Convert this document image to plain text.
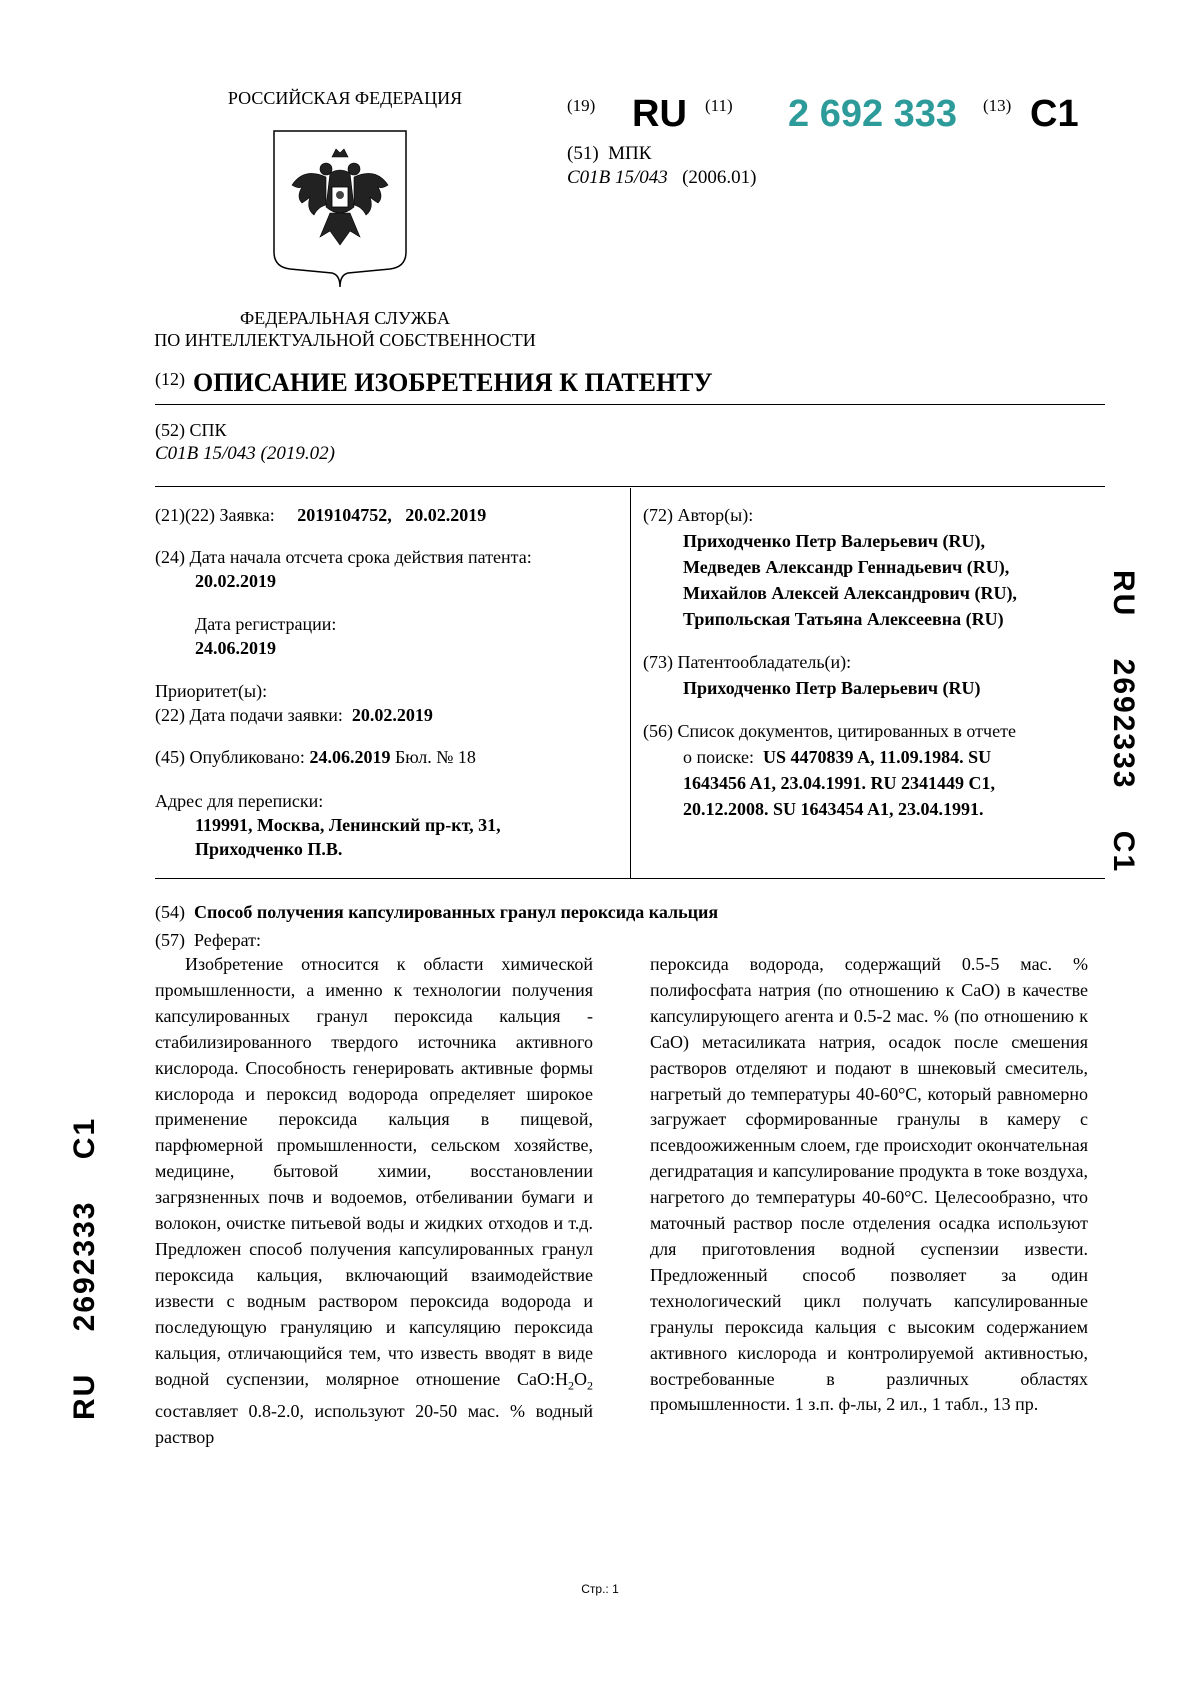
РОССИЙСКАЯ ФЕДЕРАЦИЯ
ФЕДЕРАЛЬНАЯ СЛУЖБА
ПО ИНТЕЛЛЕКТУАЛЬНОЙ СОБСТВЕННОСТИ
(19) RU (11) 2 692 333 (13) C1
(51) МПК
C01B 15/043 (2006.01)
$^{(12)}$ ОПИСАНИЕ ИЗОБРЕТЕНИЯ К ПАТЕНТУ
(52) СПК
C01B 15/043 (2019.02)
(21)(22) Заявка: 2019104752, 20.02.2019
(24) Дата начала отсчета срока действия патента:
20.02.2019
Дата регистрации:
24.06.2019
Приоритет(ы):
(22) Дата подачи заявки: 20.02.2019
(45) Опубликовано: 24.06.2019 Бюл. № 18
Адрес для переписки:
119991, Москва, Ленинский пр-кт, 31,
Приходченко П.В.
(72) Автор(ы):
Приходченко Петр Валерьевич (RU),
Медведев Александр Геннадьевич (RU),
Михайлов Алексей Александрович (RU),
Трипольская Татьяна Алексеевна (RU)
(73) Патентообладатель(и):
Приходченко Петр Валерьевич (RU)
(56) Список документов, цитированных в отчете
о поиске: US 4470839 A, 11.09.1984. SU
1643456 A1, 23.04.1991. RU 2341449 C1,
20.12.2008. SU 1643454 A1, 23.04.1991.
(54) Способ получения капсулированных гранул пероксида кальция
(57) Реферат:
Изобретение относится к области химической промышленности, а именно к технологии получения капсулированных гранул пероксида кальция - стабилизированного твердого источника активного кислорода. Способность генерировать активные формы кислорода и пероксид водорода определяет широкое применение пероксида кальция в пищевой, парфюмерной промышленности, сельском хозяйстве, медицине, бытовой химии, восстановлении загрязненных почв и водоемов, отбеливании бумаги и волокон, очистке питьевой воды и жидких отходов и т.д. Предложен способ получения капсулированных гранул пероксида кальция, включающий взаимодействие извести с водным раствором пероксида водорода и последующую грануляцию и капсуляцию пероксида кальция, отличающийся тем, что известь вводят в виде водной суспензии, молярное отношение $CaO:H_2O_2$ составляет 0.8-2.0, используют 20-50 мас. % водный раствор
пероксида водорода, содержащий 0.5-5 мас. % полифосфата натрия (по отношению к CaO) в качестве капсулирующего агента и 0.5-2 мас. % (по отношению к CaO) метасиликата натрия, осадок после смешения растворов отделяют и подают в шнековый смеситель, нагретый до температуры 40-60°С, который равномерно загружает сформированные гранулы в камеру с псевдоожиженным слоем, где происходит окончательная дегидратация и капсулирование продукта в токе воздуха, нагретого до температуры 40-60°С. Целесообразно, что маточный раствор после отделения осадка используют для приготовления водной суспензии извести. Предложенный способ позволяет за один технологический цикл получать капсулированные гранулы пероксида кальция с высоким содержанием активного кислорода и контролируемой активностью, востребованные в различных областях промышленности. 1 з.п. ф-лы, 2 ил., 1 табл., 13 пр.
RU    2692333    C1
RU    2692333    C1
Стр.: 1
